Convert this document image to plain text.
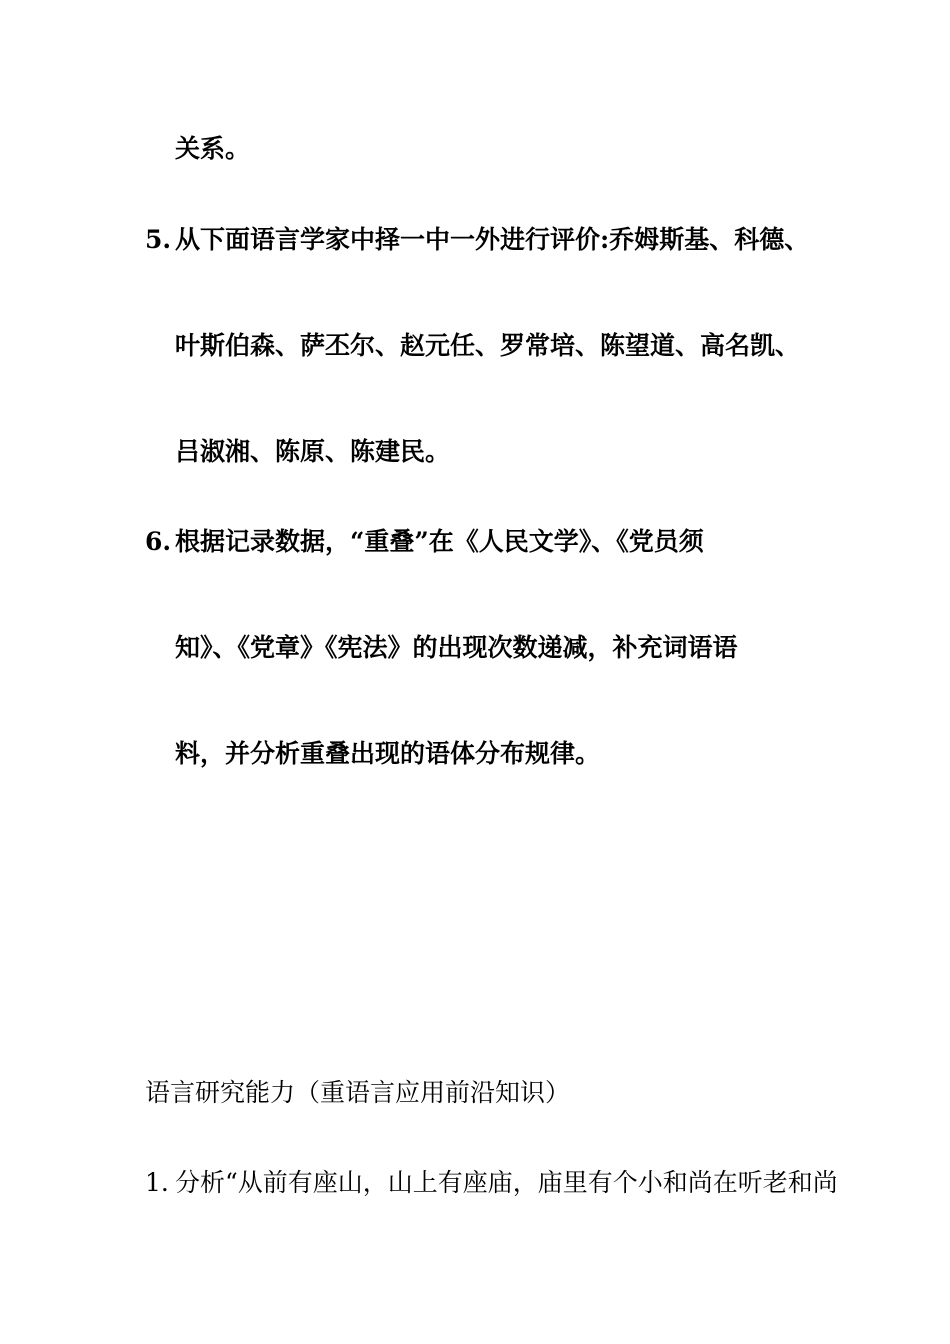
关系。
5. 从下面语言学家中择一中一外进行评价:乔姆斯基、科德、
叶斯伯森、萨丕尔、赵元任、罗常培、陈望道、高名凯、
吕淑湘、陈原、陈建民。
6. 根据记录数据，“重叠”在《人民文学》、《党员须
知》、《党章》《宪法》的出现次数递减，补充词语语
料，并分析重叠出现的语体分布规律。
语言研究能力（重语言应用前沿知识）
1. 分析“从前有座山，山上有座庙，庙里有个小和尚在听老和尚
